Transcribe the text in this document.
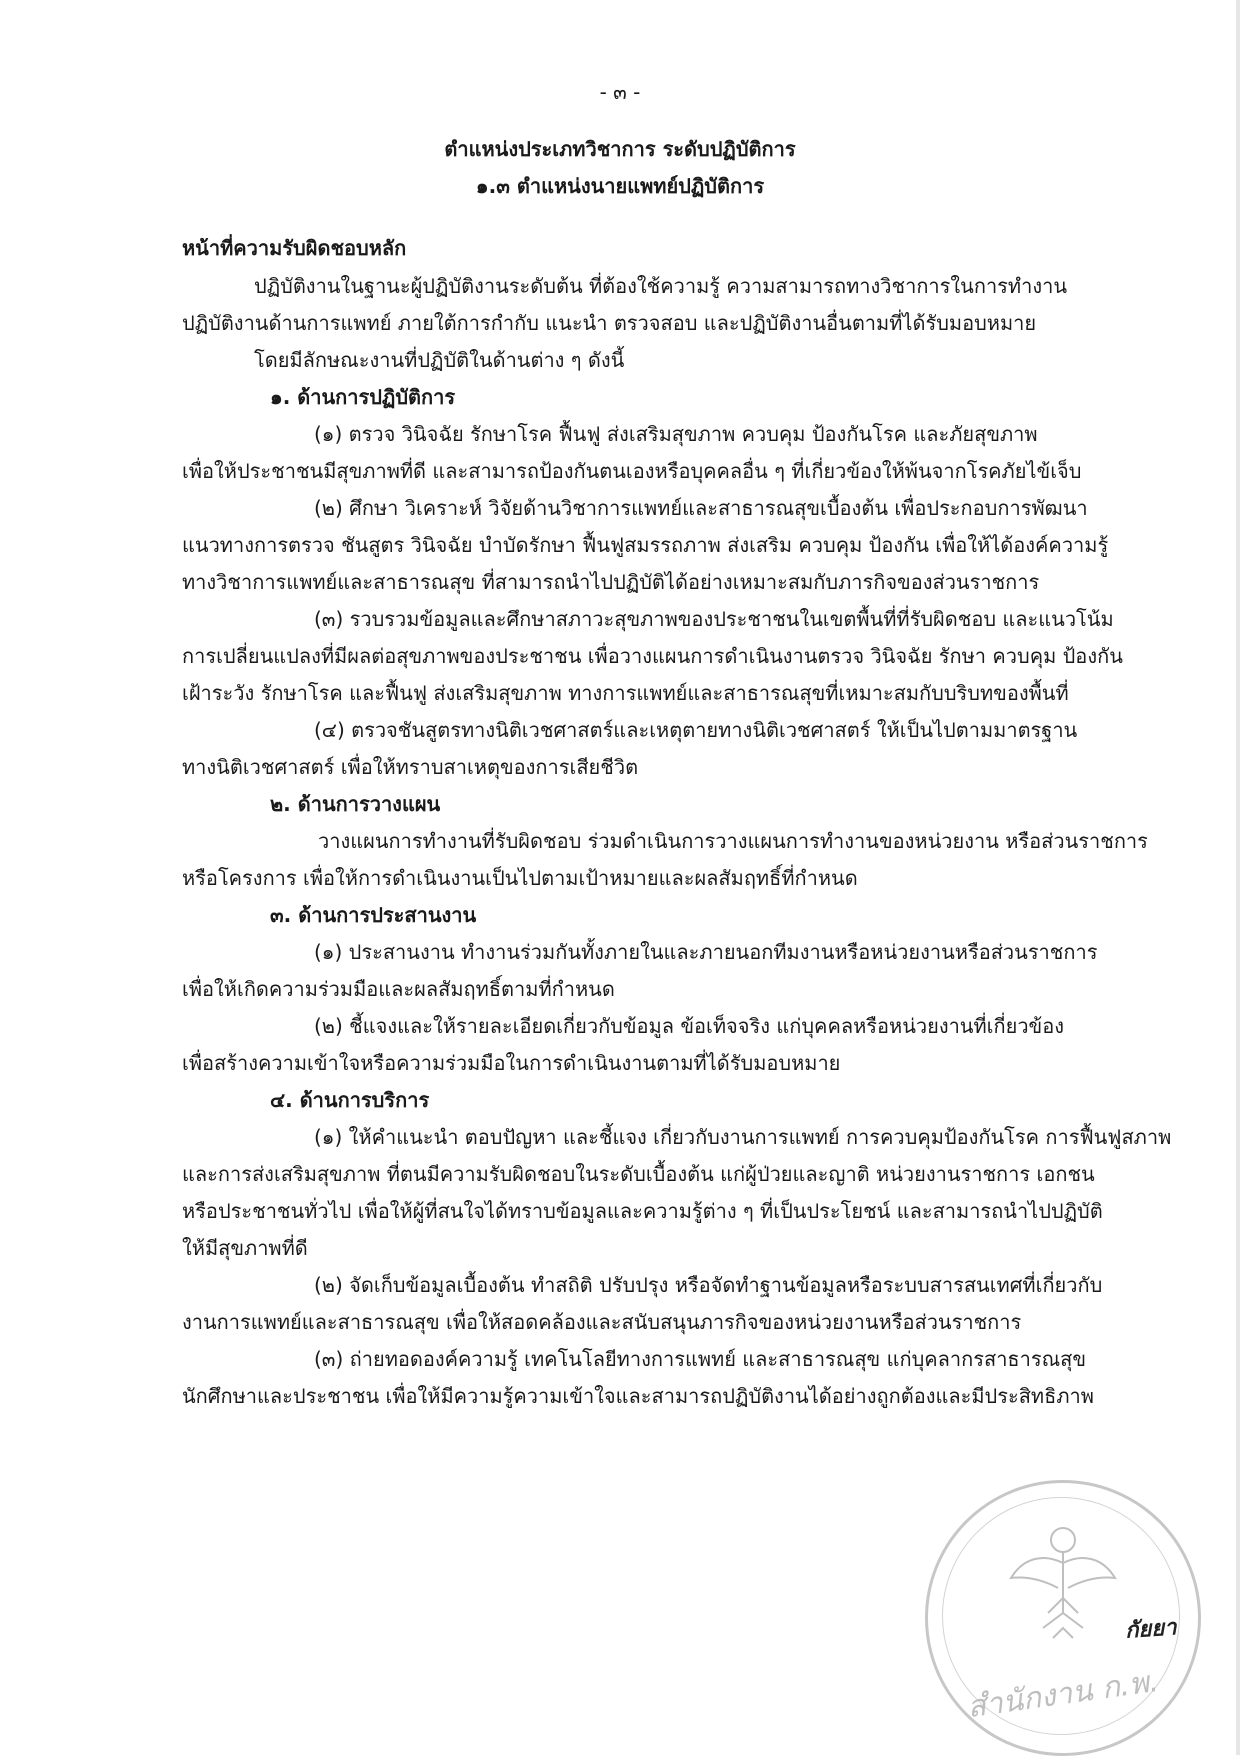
- ๓ -
ตำแหน่งประเภทวิชาการ ระดับปฏิบัติการ
๑.๓ ตำแหน่งนายแพทย์ปฏิบัติการ
หน้าที่ความรับผิดชอบหลัก
ปฏิบัติงานในฐานะผู้ปฏิบัติงานระดับต้น ที่ต้องใช้ความรู้ ความสามารถทางวิชาการในการทำงาน
ปฏิบัติงานด้านการแพทย์ ภายใต้การกำกับ แนะนำ ตรวจสอบ และปฏิบัติงานอื่นตามที่ได้รับมอบหมาย
โดยมีลักษณะงานที่ปฏิบัติในด้านต่าง ๆ ดังนี้
๑. ด้านการปฏิบัติการ
(๑) ตรวจ วินิจฉัย รักษาโรค ฟื้นฟู ส่งเสริมสุขภาพ ควบคุม ป้องกันโรค และภัยสุขภาพ
เพื่อให้ประชาชนมีสุขภาพที่ดี และสามารถป้องกันตนเองหรือบุคคลอื่น ๆ ที่เกี่ยวข้องให้พ้นจากโรคภัยไข้เจ็บ
(๒) ศึกษา วิเคราะห์ วิจัยด้านวิชาการแพทย์และสาธารณสุขเบื้องต้น เพื่อประกอบการพัฒนา
แนวทางการตรวจ ชันสูตร วินิจฉัย บำบัดรักษา ฟื้นฟูสมรรถภาพ ส่งเสริม ควบคุม ป้องกัน เพื่อให้ได้องค์ความรู้
ทางวิชาการแพทย์และสาธารณสุข ที่สามารถนำไปปฏิบัติได้อย่างเหมาะสมกับภารกิจของส่วนราชการ
(๓) รวบรวมข้อมูลและศึกษาสภาวะสุขภาพของประชาชนในเขตพื้นที่ที่รับผิดชอบ และแนวโน้ม
การเปลี่ยนแปลงที่มีผลต่อสุขภาพของประชาชน เพื่อวางแผนการดำเนินงานตรวจ วินิจฉัย รักษา ควบคุม ป้องกัน
เฝ้าระวัง รักษาโรค และฟื้นฟู ส่งเสริมสุขภาพ ทางการแพทย์และสาธารณสุขที่เหมาะสมกับบริบทของพื้นที่
(๔) ตรวจชันสูตรทางนิติเวชศาสตร์และเหตุตายทางนิติเวชศาสตร์ ให้เป็นไปตามมาตรฐาน
ทางนิติเวชศาสตร์ เพื่อให้ทราบสาเหตุของการเสียชีวิต
๒. ด้านการวางแผน
วางแผนการทำงานที่รับผิดชอบ ร่วมดำเนินการวางแผนการทำงานของหน่วยงาน หรือส่วนราชการ
หรือโครงการ เพื่อให้การดำเนินงานเป็นไปตามเป้าหมายและผลสัมฤทธิ์ที่กำหนด
๓. ด้านการประสานงาน
(๑) ประสานงาน ทำงานร่วมกันทั้งภายในและภายนอกทีมงานหรือหน่วยงานหรือส่วนราชการ
เพื่อให้เกิดความร่วมมือและผลสัมฤทธิ์ตามที่กำหนด
(๒) ชี้แจงและให้รายละเอียดเกี่ยวกับข้อมูล ข้อเท็จจริง แก่บุคคลหรือหน่วยงานที่เกี่ยวข้อง
เพื่อสร้างความเข้าใจหรือความร่วมมือในการดำเนินงานตามที่ได้รับมอบหมาย
๔. ด้านการบริการ
(๑) ให้คำแนะนำ ตอบปัญหา และชี้แจง เกี่ยวกับงานการแพทย์ การควบคุมป้องกันโรค การฟื้นฟูสภาพ
และการส่งเสริมสุขภาพ ที่ตนมีความรับผิดชอบในระดับเบื้องต้น แก่ผู้ป่วยและญาติ หน่วยงานราชการ เอกชน
หรือประชาชนทั่วไป เพื่อให้ผู้ที่สนใจได้ทราบข้อมูลและความรู้ต่าง ๆ ที่เป็นประโยชน์ และสามารถนำไปปฏิบัติ
ให้มีสุขภาพที่ดี
(๒) จัดเก็บข้อมูลเบื้องต้น ทำสถิติ ปรับปรุง หรือจัดทำฐานข้อมูลหรือระบบสารสนเทศที่เกี่ยวกับ
งานการแพทย์และสาธารณสุข เพื่อให้สอดคล้องและสนับสนุนภารกิจของหน่วยงานหรือส่วนราชการ
(๓) ถ่ายทอดองค์ความรู้ เทคโนโลยีทางการแพทย์ และสาธารณสุข แก่บุคลากรสาธารณสุข
นักศึกษาและประชาชน เพื่อให้มีความรู้ความเข้าใจและสามารถปฏิบัติงานได้อย่างถูกต้องและมีประสิทธิภาพ
สำนักงาน ก.พ.
กัยยา
